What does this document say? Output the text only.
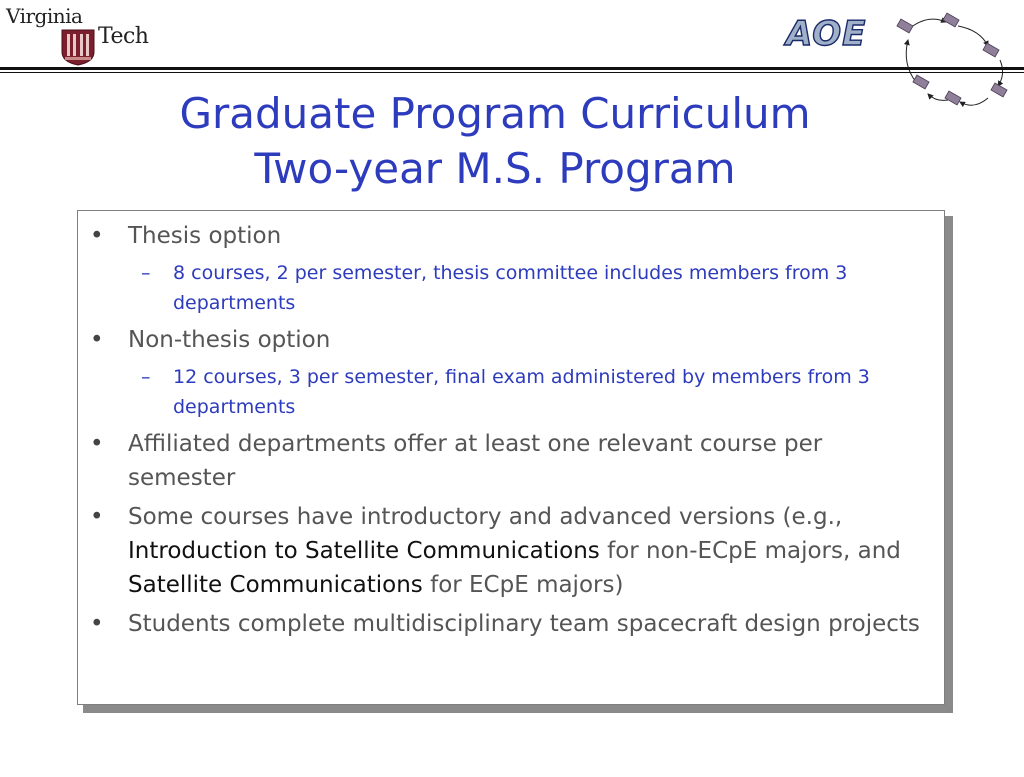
Virginia
Tech	AOE
Graduate Program Curriculum
Two-year M.S. Program
• Thesis option
– 8 courses, 2 per semester, thesis committee includes members from 3 departments
• Non-thesis option
– 12 courses, 3 per semester, final exam administered by members from 3 departments
• Affiliated departments offer at least one relevant course per semester
• Some courses have introductory and advanced versions (e.g., Introduction to Satellite Communications for non-ECpE majors, and Satellite Communications for ECpE majors)
• Students complete multidisciplinary team spacecraft design projects
